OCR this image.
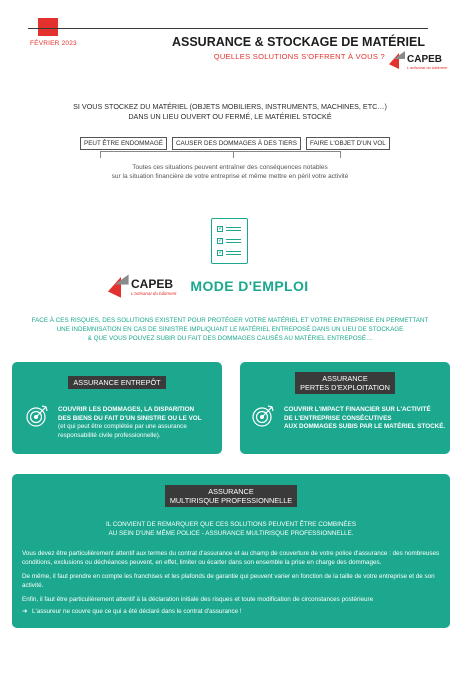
FÉVRIER 2023	ASSURANCE & STOCKAGE DE MATÉRIEL
QUELLES SOLUTIONS S'OFFRENT À VOUS ? CAPEB
L'artisanat du bâtiment
SI VOUS STOCKEZ DU MATÉRIEL (OBJETS MOBILIERS, INSTRUMENTS, MACHINES, ETC…)
DANS UN LIEU OUVERT OU FERMÉ, LE MATÉRIEL STOCKÉ
PEUT ÊTRE ENDOMMAGÉ	CAUSER DES DOMMAGES À DES TIERS	FAIRE L'OBJET D'UN VOL
Toutes ces situations peuvent entraîner des conséquences notables
sur la situation financière de votre entreprise et même mettre en péril votre activité
✓
✓
✓
CAPEB
L'artisanat du bâtiment MODE D'EMPLOI
FACE À CES RISQUES, DES SOLUTIONS EXISTENT POUR PROTÉGER VOTRE MATÉRIEL ET VOTRE ENTREPRISE EN PERMETTANT
UNE INDEMNISATION EN CAS DE SINISTRE IMPLIQUANT LE MATÉRIEL ENTREPOSÉ DANS UN LIEU DE STOCKAGE
& QUE VOUS POUVEZ SUBIR DU FAIT DES DOMMAGES CAUSÉS AU MATÉRIEL ENTREPOSÉ…
ASSURANCE ENTREPÔT
COUVRIR LES DOMMAGES, LA DISPARITION
DES BIENS DU FAIT D'UN SINISTRE OU LE VOL
(et qui peut être complétée par une assurance
responsabilité civile professionnelle).
ASSURANCE
PERTES D'EXPLOITATION
COUVRIR L'IMPACT FINANCIER SUR L'ACTIVITÉ
DE L'ENTREPRISE CONSÉCUTIVES
AUX DOMMAGES SUBIS PAR LE MATÉRIEL STOCKÉ.
ASSURANCE
MULTIRISQUE PROFESSIONNELLE
IL CONVIENT DE REMARQUER QUE CES SOLUTIONS PEUVENT ÊTRE COMBINÉES
AU SEIN D'UNE MÊME POLICE - ASSURANCE MULTIRISQUE PROFESSIONNELLE.
Vous devez être particulièrement attentif aux termes du contrat d'assurance et au champ de couverture de votre police d'assurance : des nombreuses conditions, exclusions ou déchéances peuvent, en effet, limiter ou écarter dans son ensemble la prise en charge des dommages.
De même, il faut prendre en compte les franchises et les plafonds de garantie qui peuvent varier en fonction de la taille de votre entreprise et de son activité.
Enfin, il faut être particulièrement attentif à la déclaration initiale des risques et toute modification de circonstances postérieure
➜ L'assureur ne couvre que ce qui a été déclaré dans le contrat d'assurance !
